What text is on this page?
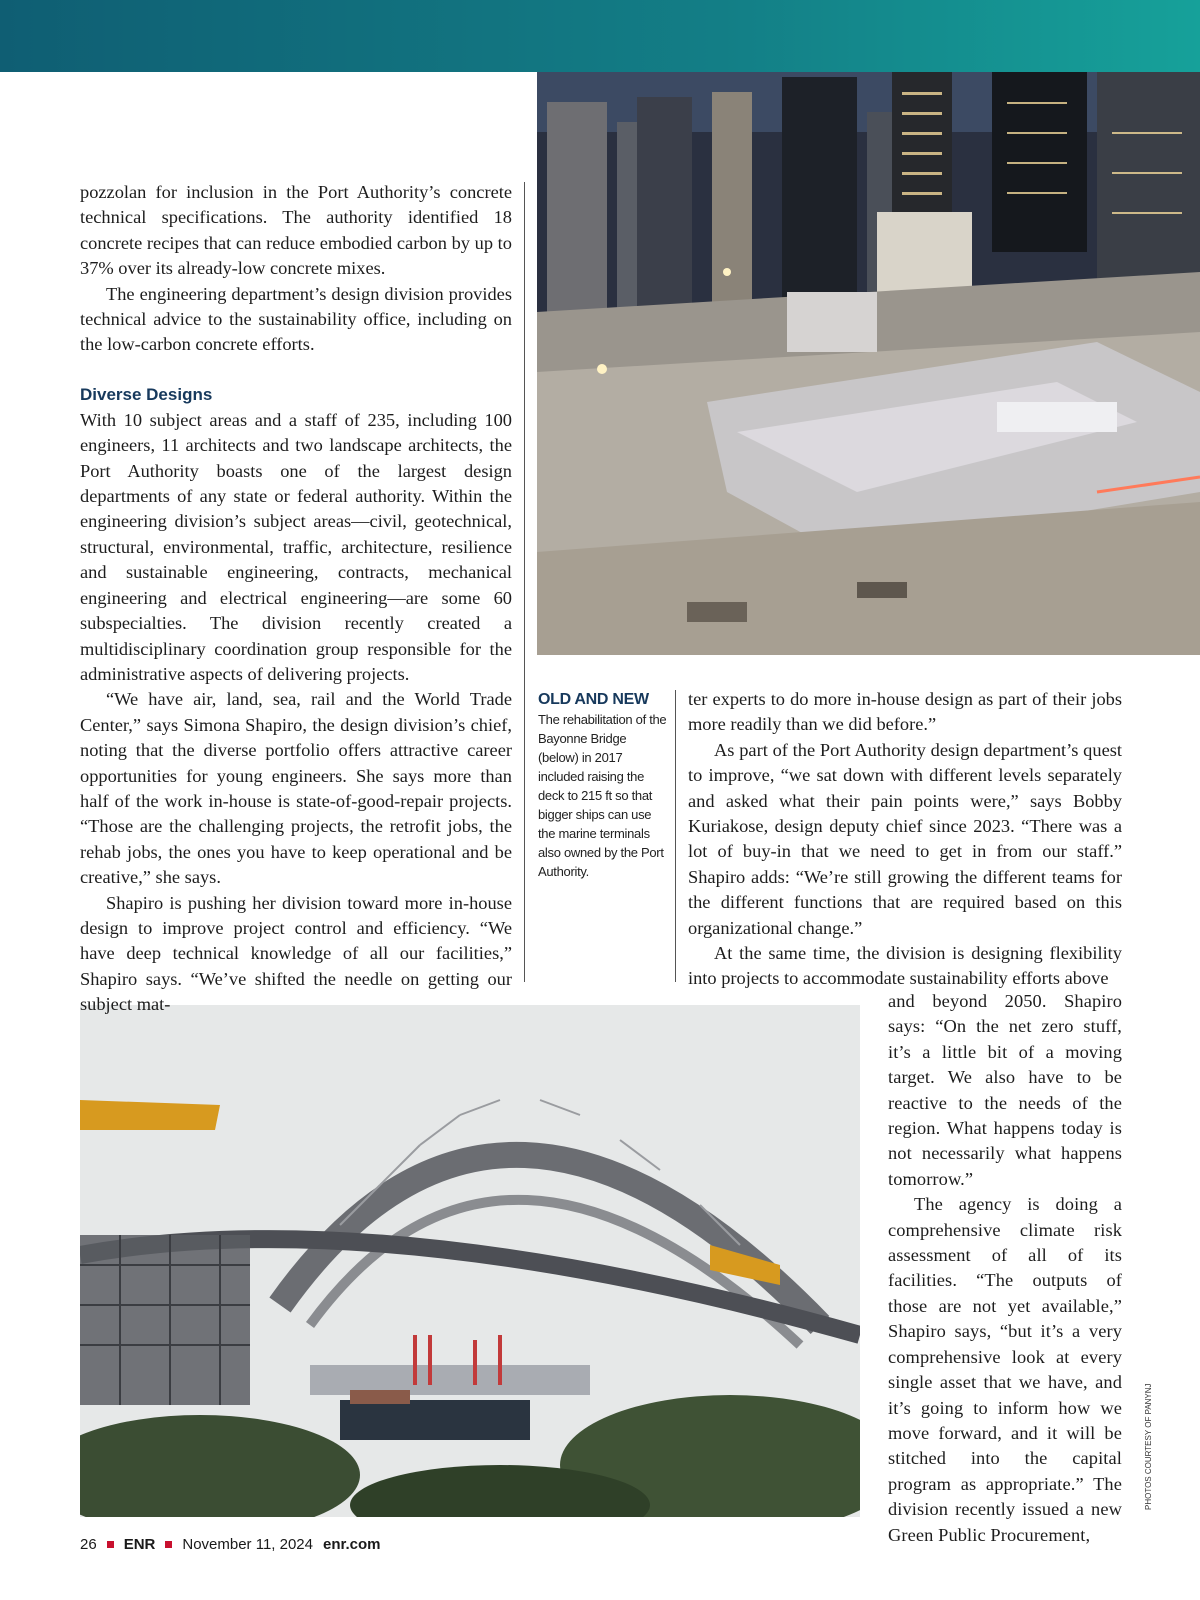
pozzolan for inclusion in the Port Authority’s concrete technical specifications. The authority identified 18 concrete recipes that can reduce embodied carbon by up to 37% over its already-low concrete mixes.

The engineering department’s design division provides technical advice to the sustainability office, including on the low-carbon concrete efforts.

Diverse Designs

With 10 subject areas and a staff of 235, including 100 engineers, 11 architects and two landscape architects, the Port Authority boasts one of the largest design departments of any state or federal authority. Within the engineering division’s subject areas—civil, geotechnical, structural, environmental, traffic, architecture, resilience and sustainable engineering, contracts, mechanical engineering and electrical engineering—are some 60 subspecialties. The division recently created a multidisciplinary coordination group responsible for the administrative aspects of delivering projects.

“We have air, land, sea, rail and the World Trade Center,” says Simona Shapiro, the design division’s chief, noting that the diverse portfolio offers attractive career opportunities for young engineers. She says more than half of the work in-house is state-of-good-repair projects. “Those are the challenging projects, the retrofit jobs, the rehab jobs, the ones you have to keep operational and be creative,” she says.

Shapiro is pushing her division toward more in-house design to improve project control and efficiency. “We have deep technical knowledge of all our facilities,” Shapiro says. “We’ve shifted the needle on getting our subject mat-

OLD AND NEW
The rehabilitation of the Bayonne Bridge (below) in 2017 included raising the deck to 215 ft so that bigger ships can use the marine terminals also owned by the Port Authority.

ter experts to do more in-house design as part of their jobs more readily than we did before.”

As part of the Port Authority design department’s quest to improve, “we sat down with different levels separately and asked what their pain points were,” says Bobby Kuriakose, design deputy chief since 2023. “There was a lot of buy-in that we need to get in from our staff.” Shapiro adds: “We’re still growing the different teams for the different functions that are required based on this organizational change.”

At the same time, the division is designing flexibility into projects to accommodate sustainability efforts above

and beyond 2050. Shapiro says: “On the net zero stuff, it’s a little bit of a moving target. We also have to be reactive to the needs of the region. What happens today is not necessarily what happens tomorrow.”

The agency is doing a comprehensive climate risk assessment of all of its facilities. “The outputs of those are not yet available,” Shapiro says, “but it’s a very comprehensive look at every single asset that we have, and it’s going to inform how we move forward, and it will be stitched into the capital program as appropriate.” The division recently issued a new Green Public Procurement,

PHOTOS COURTESY OF PANYNJ
26 ENR November 11, 2024 enr.com
